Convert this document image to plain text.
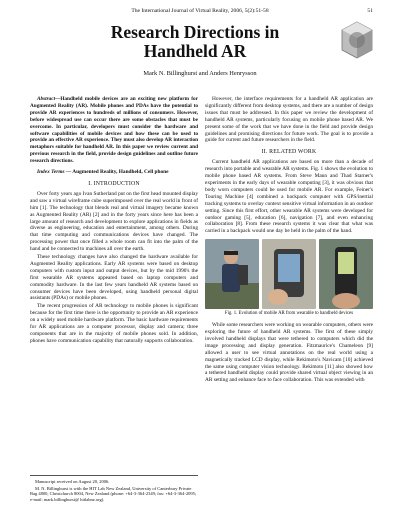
The International Journal of Virtual Reality, 2006, 5(2):51-58	51
Research Directions in
Handheld AR
Mark N. Billinghurst and Anders Henrysson

Abstract—Handheld mobile devices are an exciting new platform for Augmented Reality (AR). Mobile phones and PDAs have the potential to provide AR experiences to hundreds of millions of consumers. However, before widespread use can occur there are some obstacles that must be overcome. In particular, developers must consider the hardware and software capabilities of mobile devices and how these can be used to provide an effective AR experience. They must also develop AR interaction metaphors suitable for handheld AR. In this paper we review current and previous research in the field, provide design guidelines and outline future research directions.

Index Terms — Augmented Reality, Handheld, Cell phone

I. INTRODUCTION

Over forty years ago Ivan Sutherland put on the first head mounted display and saw a virtual wireframe cube superimposed over the real world in front of him [1]. The technology that blends real and virtual imagery became known as Augmented Reality (AR) [2] and in the forty years since here has been a large amount of research and development to explore applications in fields as diverse as engineering, education and entertainment, among others. During that time computing and communications devices have changed. The processing power that once filled a whole room can fit into the palm of the hand and be connected to machines all over the earth.

These technology changes have also changed the hardware available for Augmented Reality applications. Early AR systems were based on desktop computers with custom input and output devices, but by the mid 1990's the first wearable AR systems appeared based on laptop computers and commodity hardware. In the last few years handheld AR systems based on consumer devices have been developed, using handheld personal digital assistants (PDAs) or mobile phones.

The recent progression of AR technology to mobile phones is significant because for the first time there is the opportunity to provide an AR experience on a widely used mobile hardware platform. The basic hardware requirements for AR applications are a computer processor, display and camera; three components that are in the majority of mobile phones sold. In addition, phones have communication capability that naturally supports collaboration.

Manuscript received on August 20, 2006.

M. N. Billinghurst is with the HIT Lab New Zealand, University of Canterbury Private Bag 4800, Christchurch 8004, New Zealand (phone: +64-3-364-2349; fax: +64-3-364-2095; e-mail: mark.billinghurst@ hitlabnz.org).

However, the interface requirements for a handheld AR application are significantly different from desktop systems, and there are a number of design issues that must be addressed. In this paper we review the development of handheld AR systems, particularly focusing on mobile phone based AR. We present some of the work that we have done in the field and provide design guidelines and promising directions for future work. The goal is to provide a guide for current and future researchers in the field.

II. RELATED WORK

Current handheld AR applications are based on more than a decade of research into portable and wearable AR systems. Fig. 1 shows the evolution to mobile phone based AR systems. From Steve Mann and Thad Starner's experiments in the early days of wearable computing [3], it was obvious that body worn computers could be used for mobile AR. For example, Feiner's Touring Machine [4] combined a backpack computer with GPS/inertial tracking systems to overlay context sensitive virtual information in an outdoor setting. Since this first effort, other wearable AR systems were developed for outdoor gaming [5], education [6], navigation [7], and even enhancing collaboration [8]. From these research systems it was clear that what was carried in a backpack would one day be held in the palm of the hand.

Fig. 1. Evolution of mobile AR from wearable to handheld devices

While some researchers were working on wearable computers, others were exploring the future of handheld AR systems. The first of these simply involved handheld displays that were tethered to computers which did the image processing and display generation. Fitzmaurice's Chameleon [9] allowed a user to see virtual annotations on the real world using a magnetically tracked LCD display, while Rekimoto's Navicam [10] achieved the same using computer vision technology. Rekimoto [11] also showed how a tethered handheld display could provide shared virtual object viewing in an AR setting and enhance face to face collaboration. This was extended with
